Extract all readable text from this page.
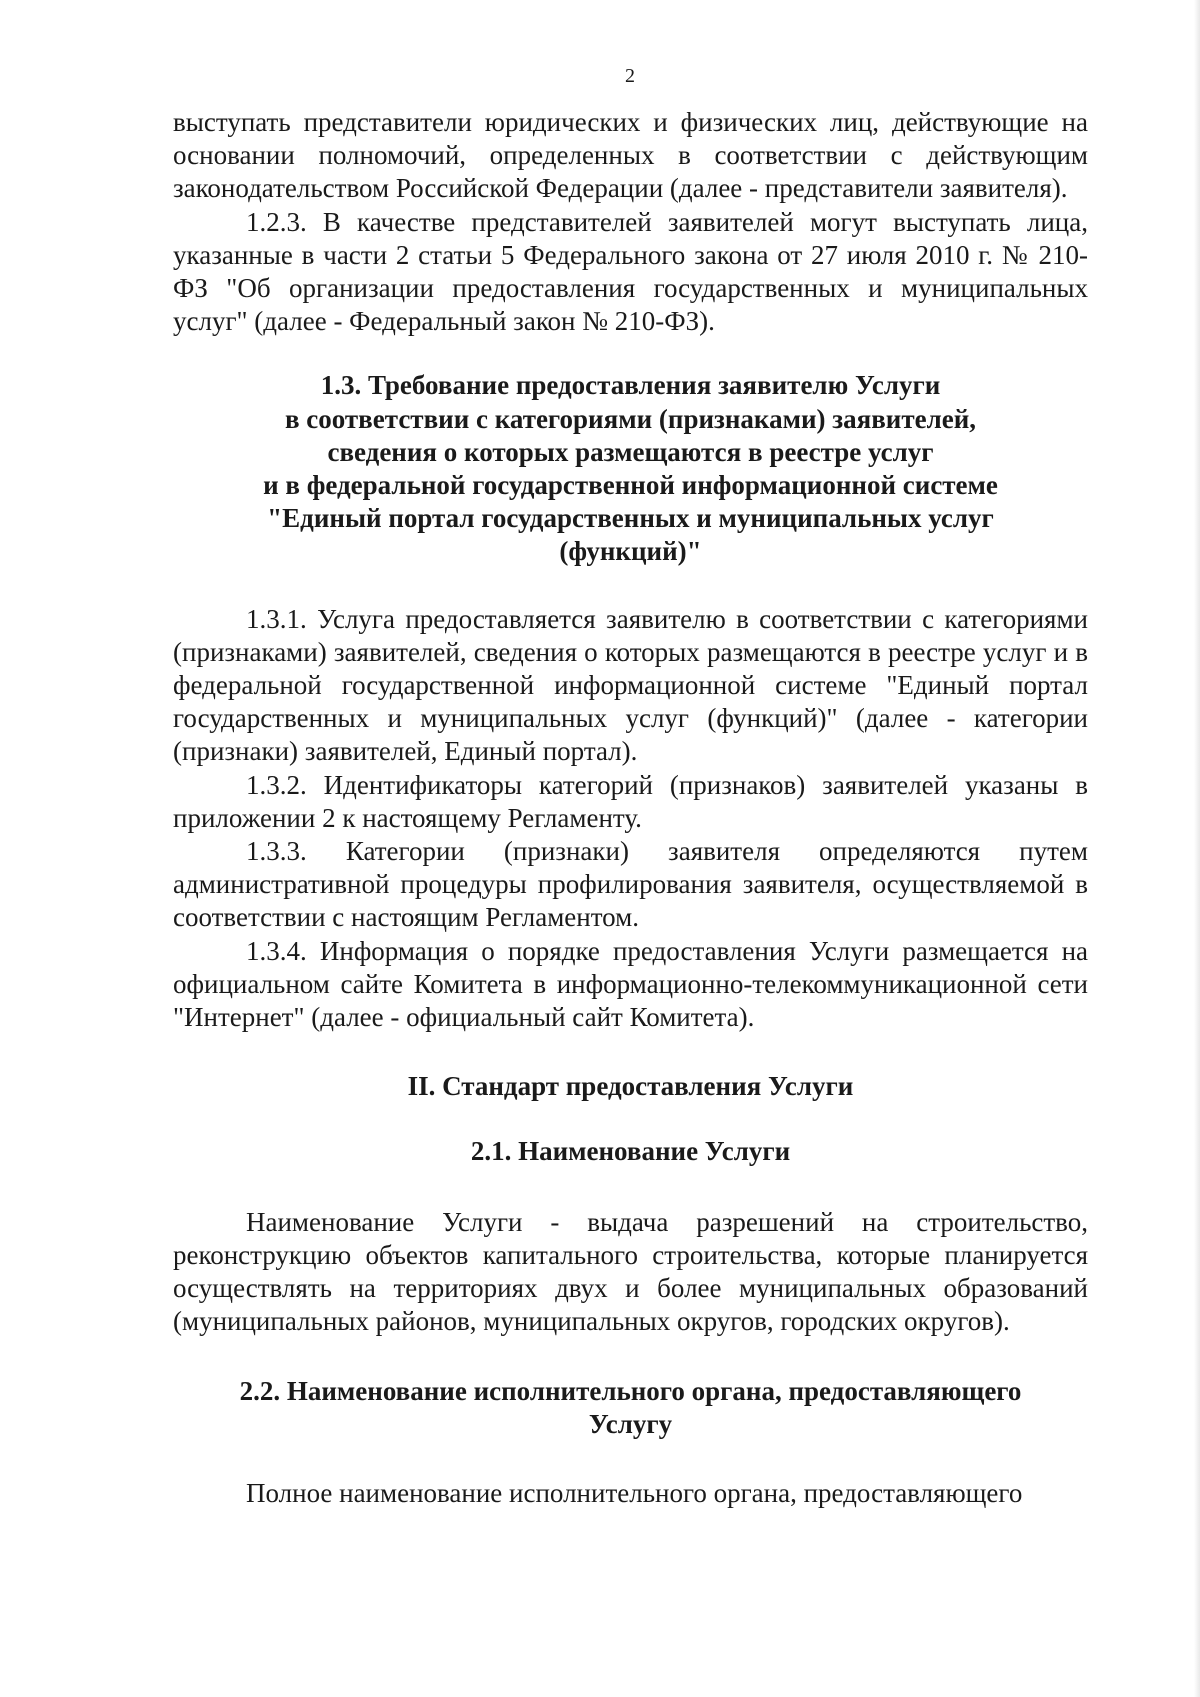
2

выступать представители юридических и физических лиц, действующие на основании полномочий, определенных в соответствии с действующим законодательством Российской Федерации (далее - представители заявителя).

1.2.3. В качестве представителей заявителей могут выступать лица, указанные в части 2 статьи 5 Федерального закона от 27 июля 2010 г. № 210-ФЗ "Об организации предоставления государственных и муниципальных услуг" (далее - Федеральный закон № 210-ФЗ).

1.3. Требование предоставления заявителю Услуги
в соответствии с категориями (признаками) заявителей,
сведения о которых размещаются в реестре услуг
и в федеральной государственной информационной системе
"Единый портал государственных и муниципальных услуг
(функций)"

1.3.1. Услуга предоставляется заявителю в соответствии с категориями (признаками) заявителей, сведения о которых размещаются в реестре услуг и в федеральной государственной информационной системе "Единый портал государственных и муниципальных услуг (функций)" (далее - категории (признаки) заявителей, Единый портал).

1.3.2. Идентификаторы категорий (признаков) заявителей указаны в приложении 2 к настоящему Регламенту.

1.3.3. Категории (признаки) заявителя определяются путем административной процедуры профилирования заявителя, осуществляемой в соответствии с настоящим Регламентом.

1.3.4. Информация о порядке предоставления Услуги размещается на официальном сайте Комитета в информационно-телекоммуникационной сети "Интернет" (далее - официальный сайт Комитета).

II. Стандарт предоставления Услуги
2.1. Наименование Услуги

Наименование Услуги - выдача разрешений на строительство, реконструкцию объектов капитального строительства, которые планируется осуществлять на территориях двух и более муниципальных образований (муниципальных районов, муниципальных округов, городских округов).

2.2. Наименование исполнительного органа, предоставляющего
Услугу

Полное наименование исполнительного органа, предоставляющего
